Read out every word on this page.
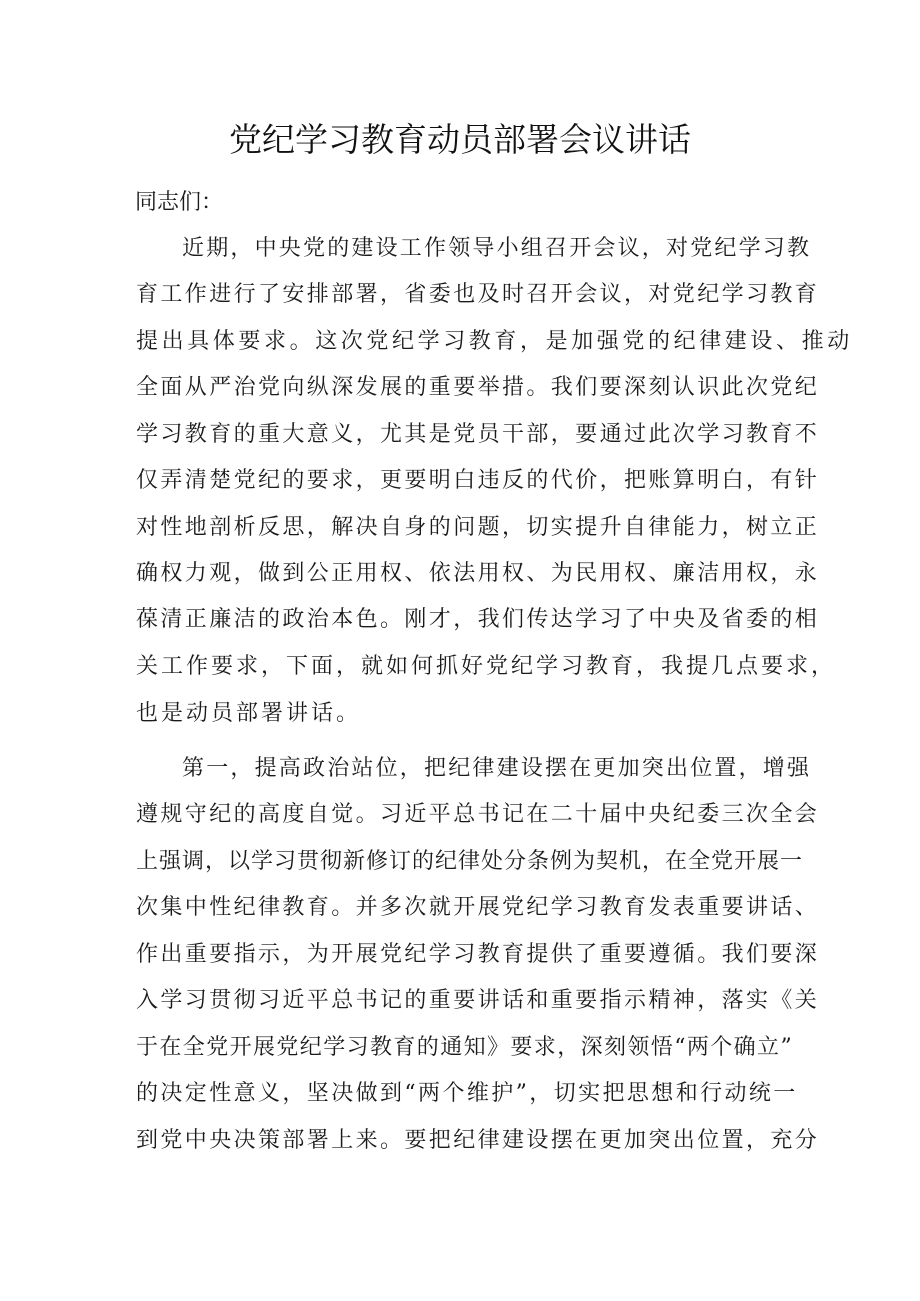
党纪学习教育动员部署会议讲话
同志们：
近期，中央党的建设工作领导小组召开会议，对党纪学习教
育工作进行了安排部署，省委也及时召开会议，对党纪学习教育
提出具体要求。这次党纪学习教育，是加强党的纪律建设、推动
全面从严治党向纵深发展的重要举措。我们要深刻认识此次党纪
学习教育的重大意义，尤其是党员干部，要通过此次学习教育不
仅弄清楚党纪的要求，更要明白违反的代价，把账算明白，有针
对性地剖析反思，解决自身的问题，切实提升自律能力，树立正
确权力观，做到公正用权、依法用权、为民用权、廉洁用权，永
葆清正廉洁的政治本色。刚才，我们传达学习了中央及省委的相
关工作要求，下面，就如何抓好党纪学习教育，我提几点要求，
也是动员部署讲话。
第一，提高政治站位，把纪律建设摆在更加突出位置，增强
遵规守纪的高度自觉。习近平总书记在二十届中央纪委三次全会
上强调，以学习贯彻新修订的纪律处分条例为契机，在全党开展一
次集中性纪律教育。并多次就开展党纪学习教育发表重要讲话、
作出重要指示，为开展党纪学习教育提供了重要遵循。我们要深
入学习贯彻习近平总书记的重要讲话和重要指示精神，落实《关
于在全党开展党纪学习教育的通知》要求，深刻领悟“两个确立”
的决定性意义，坚决做到“两个维护”，切实把思想和行动统一
到党中央决策部署上来。要把纪律建设摆在更加突出位置，充分
